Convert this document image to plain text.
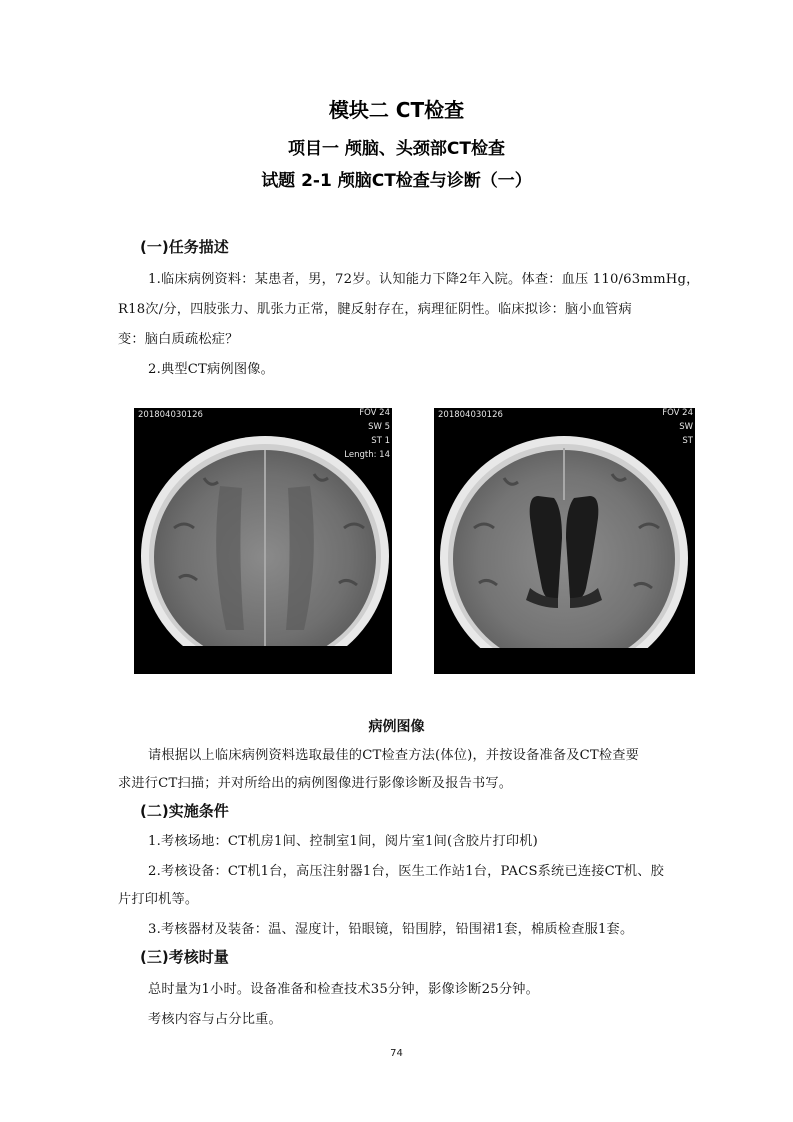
模块二 CT检查
项目一 颅脑、头颈部CT检查
试题 2-1 颅脑CT检查与诊断（一）
(一)任务描述
1.临床病例资料：某患者，男，72岁。认知能力下降2年入院。体查：血压 110/63mmHg，
R18次/分，四肢张力、肌张力正常，腱反射存在，病理征阴性。临床拟诊：脑小血管病
变：脑白质疏松症？
2.典型CT病例图像。
201804030126	FOV 24
SW 5
ST 1
Length: 14
201804030126	FOV 24
SW
ST
病例图像
请根据以上临床病例资料选取最佳的CT检查方法(体位)，并按设备准备及CT检查要
求进行CT扫描；并对所给出的病例图像进行影像诊断及报告书写。
(二)实施条件
1.考核场地：CT机房1间、控制室1间，阅片室1间(含胶片打印机)
2.考核设备：CT机1台，高压注射器1台，医生工作站1台，PACS系统已连接CT机、胶
片打印机等。
3.考核器材及装备：温、湿度计，铅眼镜，铅围脖，铅围裙1套，棉质检查服1套。
(三)考核时量
总时量为1小时。设备准备和检查技术35分钟，影像诊断25分钟。
考核内容与占分比重。
74
